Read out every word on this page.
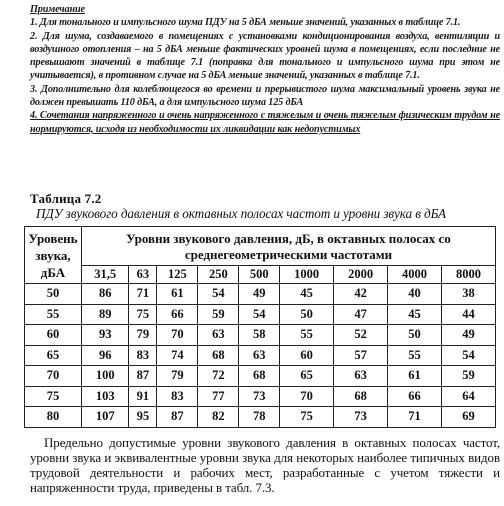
Примечание

1. Для тонального и импульсного шума ПДУ на 5 дБА меньше значений, указанных в таблице 7.1.

2. Для шума, создаваемого в помещениях с установками кондиционирования воздуха, вентиляции и воздушного отопления – на 5 дБА меньше фактических уровней шума в помещениях, если последние не превышают значений в таблице 7.1 (поправка для тонального и импульсного шума при этом не учитывается), в противном случае на 5 дБА меньше значений, указанных в таблице 7.1.

3. Дополнительно для колеблющегося во времени и прерывистого шума максимальный уровень звука не должен превышать 110 дБА, а для импульсного шума 125 дБА

4. Сочетания напряженного и очень напряженного с тяжелым и очень тяжелым физическим трудом не нормируются, исходя из необходимости их ликвидации как недопустимых

Таблица 7.2
ПДУ звукового давления в октавных полосах частот и уровни звука в дБА
Уровень
звука,
дБА	Уровни звукового давления, дБ, в октавных полосах со
среднегеометрическими частотами								
	31,5	63	125	250	500	1000	2000	4000	8000
50	86	71	61	54	49	45	42	40	38
55	89	75	66	59	54	50	47	45	44
60	93	79	70	63	58	55	52	50	49
65	96	83	74	68	63	60	57	55	54
70	100	87	79	72	68	65	63	61	59
75	103	91	83	77	73	70	68	66	64
80	107	95	87	82	78	75	73	71	69
Предельно допустимые уровни звукового давления в октавных полосах частот, уровни звука и эквивалентные уровни звука для некоторых наиболее типичных видов трудовой деятельности и рабочих мест, разработанные с учетом тяжести и напряженности труда, приведены в табл. 7.3.
